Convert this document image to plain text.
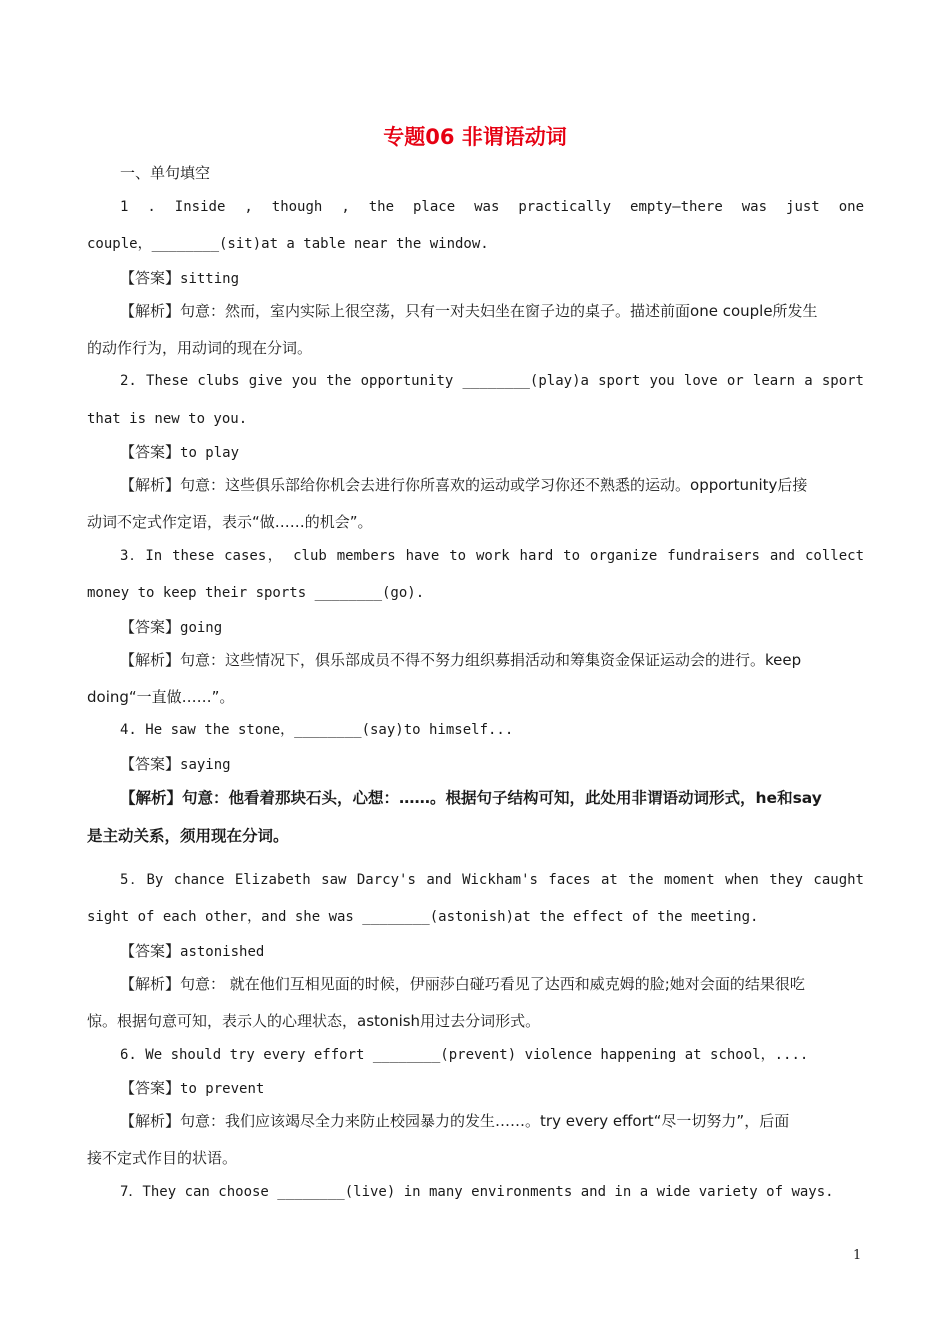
专题06 非谓语动词
一、单句填空
1 . Inside , though , the place was practically empty—there was just one
couple，________(sit)at a table near the window.
【答案】sitting
【解析】句意：然而，室内实际上很空荡，只有一对夫妇坐在窗子边的桌子。描述前面one couple所发生
的动作行为，用动词的现在分词。
2. These clubs give you the opportunity ________(play)a sport you love or learn a sport
that is new to you.
【答案】to play
【解析】句意：这些俱乐部给你机会去进行你所喜欢的运动或学习你还不熟悉的运动。opportunity后接
动词不定式作定语，表示“做……的机会”。
3．In these cases， club members have to work hard to organize fundraisers and collect
money to keep their sports ________(go).
【答案】going
【解析】句意：这些情况下，俱乐部成员不得不努力组织募捐活动和筹集资金保证运动会的进行。keep
doing“一直做……”。
4. He saw the stone，________(say)to himself...
【答案】saying
【解析】句意：他看着那块石头，心想：……。根据句子结构可知，此处用非谓语动词形式，he和say
是主动关系，须用现在分词。
5．By chance Elizabeth saw Darcy's and Wickham's faces at the moment when they caught
sight of each other，and she was ________(astonish)at the effect of the meeting.
【答案】astonished
【解析】句意： 就在他们互相见面的时候，伊丽莎白碰巧看见了达西和威克姆的脸;她对会面的结果很吃
惊。根据句意可知，表示人的心理状态，astonish用过去分词形式。
6. We should try every effort ________(prevent) violence happening at school，....
【答案】to prevent
【解析】句意：我们应该竭尽全力来防止校园暴力的发生……。try every effort“尽一切努力”，后面
接不定式作目的状语。
7．They can choose ________(live) in many environments and in a wide variety of ways.
1
